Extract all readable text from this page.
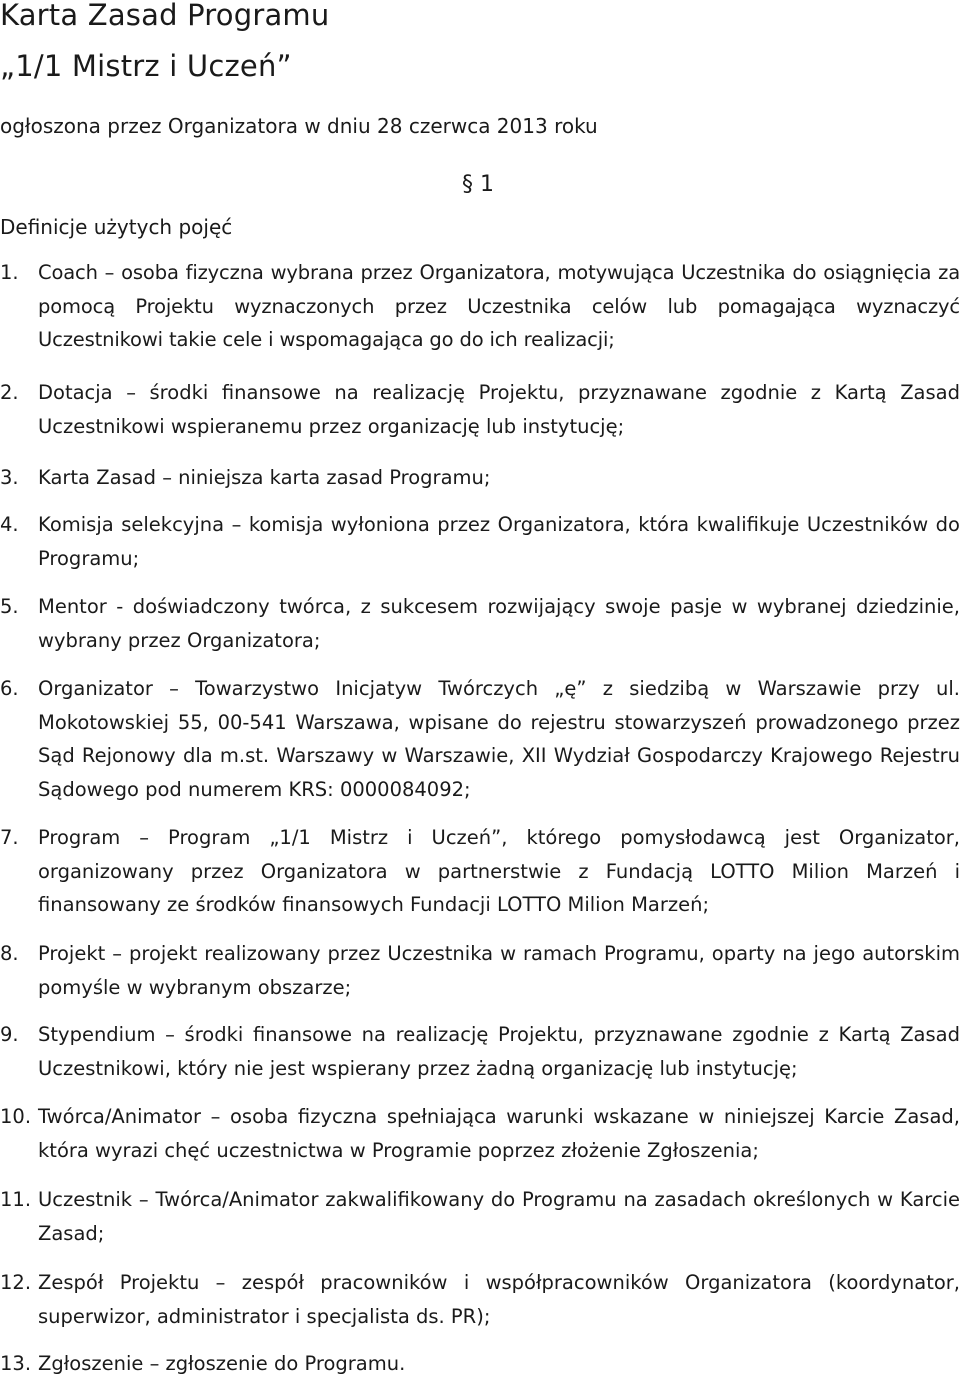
Karta Zasad Programu
„1/1 Mistrz i Uczeń”

ogłoszona przez Organizatora w dniu 28 czerwca 2013 roku

§ 1

Definicje użytych pojęć

1. Coach – osoba fizyczna wybrana przez Organizatora, motywująca Uczestnika do osiągnięcia za pomocą Projektu wyznaczonych przez Uczestnika celów lub pomagająca wyznaczyć Uczestnikowi takie cele i wspomagająca go do ich realizacji;
2. Dotacja – środki finansowe na realizację Projektu, przyznawane zgodnie z Kartą Zasad Uczestnikowi wspieranemu przez organizację lub instytucję;
3. Karta Zasad – niniejsza karta zasad Programu;
4. Komisja selekcyjna – komisja wyłoniona przez Organizatora, która kwalifikuje Uczestników do Programu;
5. Mentor - doświadczony twórca, z sukcesem rozwijający swoje pasje w wybranej dziedzinie, wybrany przez Organizatora;
6. Organizator – Towarzystwo Inicjatyw Twórczych „ę” z siedzibą w Warszawie przy ul. Mokotowskiej 55, 00-541 Warszawa, wpisane do rejestru stowarzyszeń prowadzonego przez Sąd Rejonowy dla m.st. Warszawy w Warszawie, XII Wydział Gospodarczy Krajowego Rejestru Sądowego pod numerem KRS: 0000084092;
7. Program – Program „1/1 Mistrz i Uczeń”, którego pomysłodawcą jest Organizator, organizowany przez Organizatora w partnerstwie z Fundacją LOTTO Milion Marzeń i finansowany ze środków finansowych Fundacji LOTTO Milion Marzeń;
8. Projekt – projekt realizowany przez Uczestnika w ramach Programu, oparty na jego autorskim pomyśle w wybranym obszarze;
9. Stypendium – środki finansowe na realizację Projektu, przyznawane zgodnie z Kartą Zasad Uczestnikowi, który nie jest wspierany przez żadną organizację lub instytucję;
10. Twórca/Animator – osoba fizyczna spełniająca warunki wskazane w niniejszej Karcie Zasad, która wyrazi chęć uczestnictwa w Programie poprzez złożenie Zgłoszenia;
11. Uczestnik – Twórca/Animator zakwalifikowany do Programu na zasadach określonych w Karcie Zasad;
12. Zespół Projektu – zespół pracowników i współpracowników Organizatora (koordynator, superwizor, administrator i specjalista ds. PR);
13. Zgłoszenie – zgłoszenie do Programu.
